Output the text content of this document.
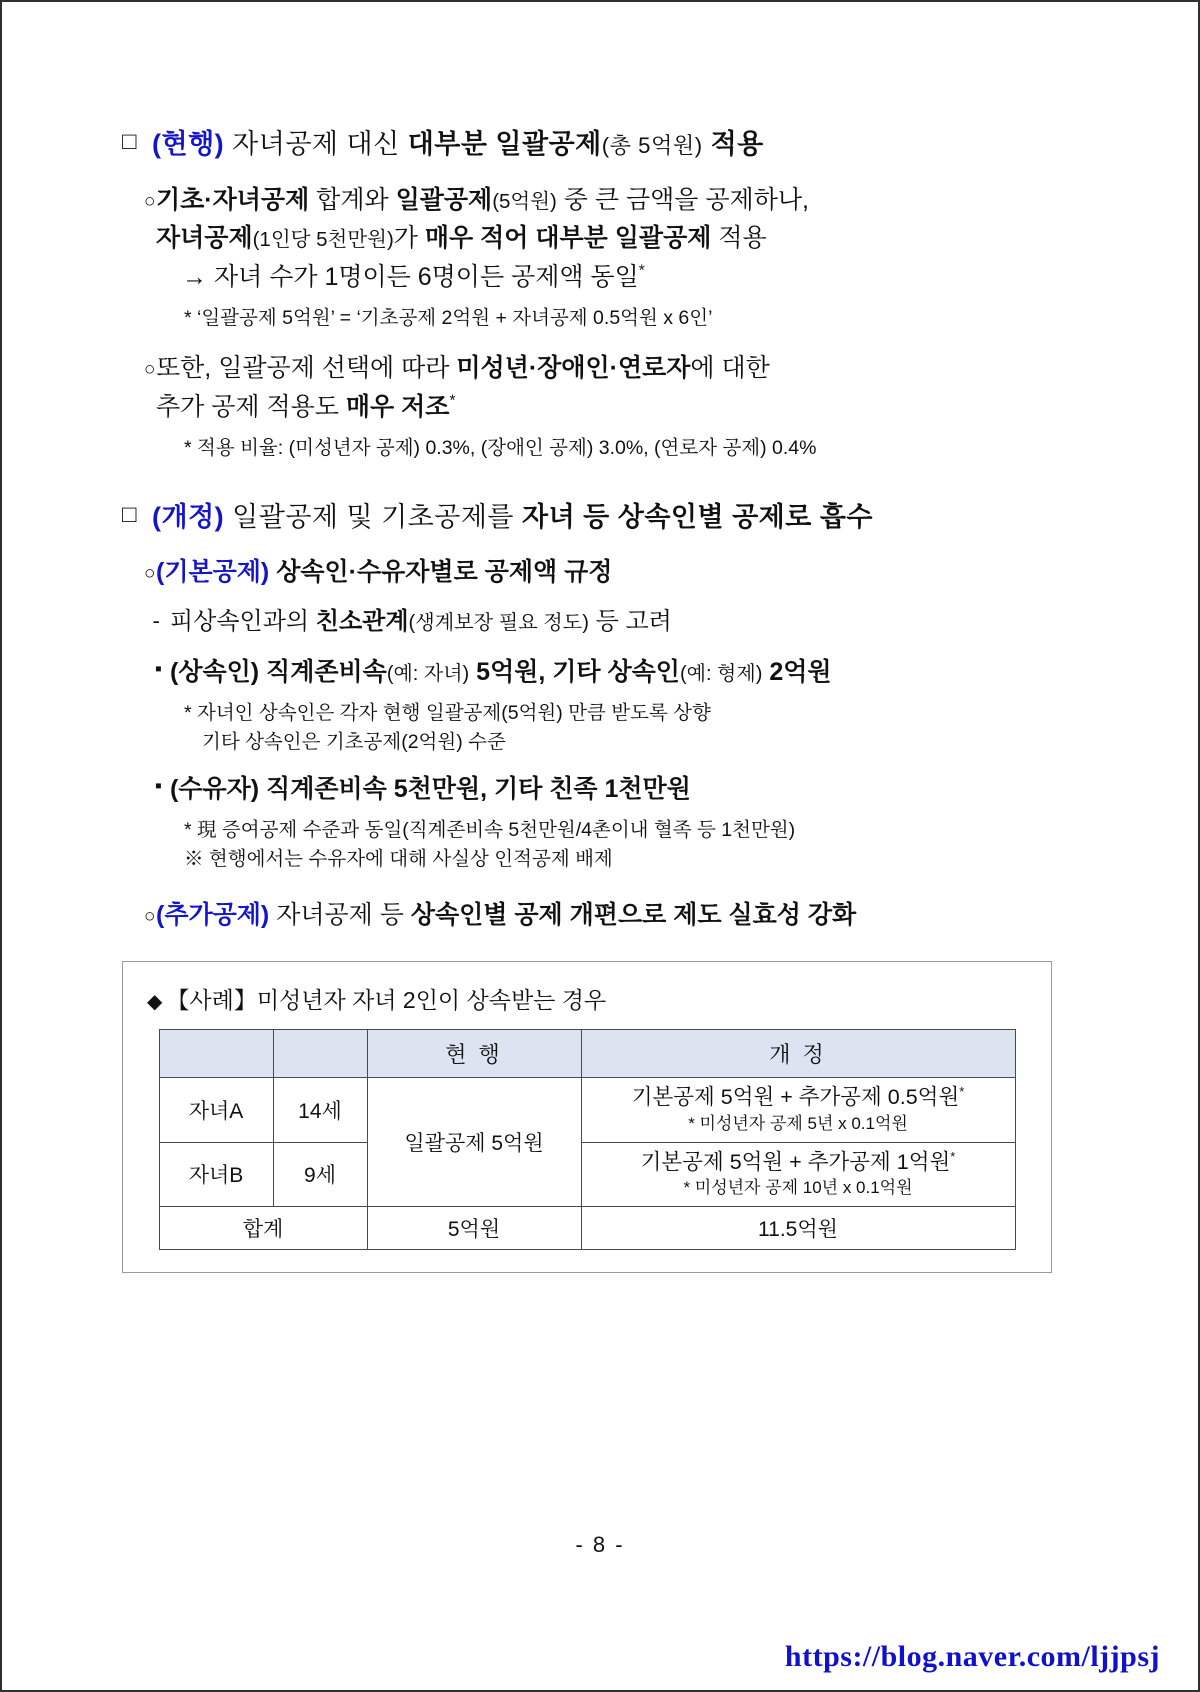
□ (현행) 자녀공제 대신 대부분 일괄공제(총 5억원) 적용
○ 기초·자녀공제 합계와 일괄공제(5억원) 중 큰 금액을 공제하나,
자녀공제(1인당 5천만원)가 매우 적어 대부분 일괄공제 적용
→ 자녀 수가 1명이든 6명이든 공제액 동일*
* ‘일괄공제 5억원’ = ‘기초공제 2억원 + 자녀공제 0.5억원 x 6인’
○ 또한, 일괄공제 선택에 따라 미성년·장애인·연로자에 대한
추가 공제 적용도 매우 저조*
* 적용 비율: (미성년자 공제) 0.3%, (장애인 공제) 3.0%, (연로자 공제) 0.4%
□ (개정) 일괄공제 및 기초공제를 자녀 등 상속인별 공제로 흡수
○ (기본공제) 상속인·수유자별로 공제액 규정
- 피상속인과의 친소관계(생계보장 필요 정도) 등 고려
▪ (상속인) 직계존비속(예: 자녀) 5억원, 기타 상속인(예: 형제) 2억원
* 자녀인 상속인은 각자 현행 일괄공제(5억원) 만큼 받도록 상향
기타 상속인은 기초공제(2억원) 수준
▪ (수유자) 직계존비속 5천만원, 기타 친족 1천만원
* 現 증여공제 수준과 동일(직계존비속 5천만원/4촌이내 혈족 등 1천만원)
※ 현행에서는 수유자에 대해 사실상 인적공제 배제
○ (추가공제) 자녀공제 등 상속인별 공제 개편으로 제도 실효성 강화
◆ 【사례】미성년자 자녀 2인이 상속받는 경우
		현 행	개 정
자녀A	14세	일괄공제 5억원	기본공제 5억원 + 추가공제 0.5억원*
* 미성년자 공제 5년 x 0.1억원

자녀B	9세		기본공제 5억원 + 추가공제 1억원*
* 미성년자 공제 10년 x 0.1억원

합계		5억원	11.5억원
- 8 -
https://blog.naver.com/ljjpsj
